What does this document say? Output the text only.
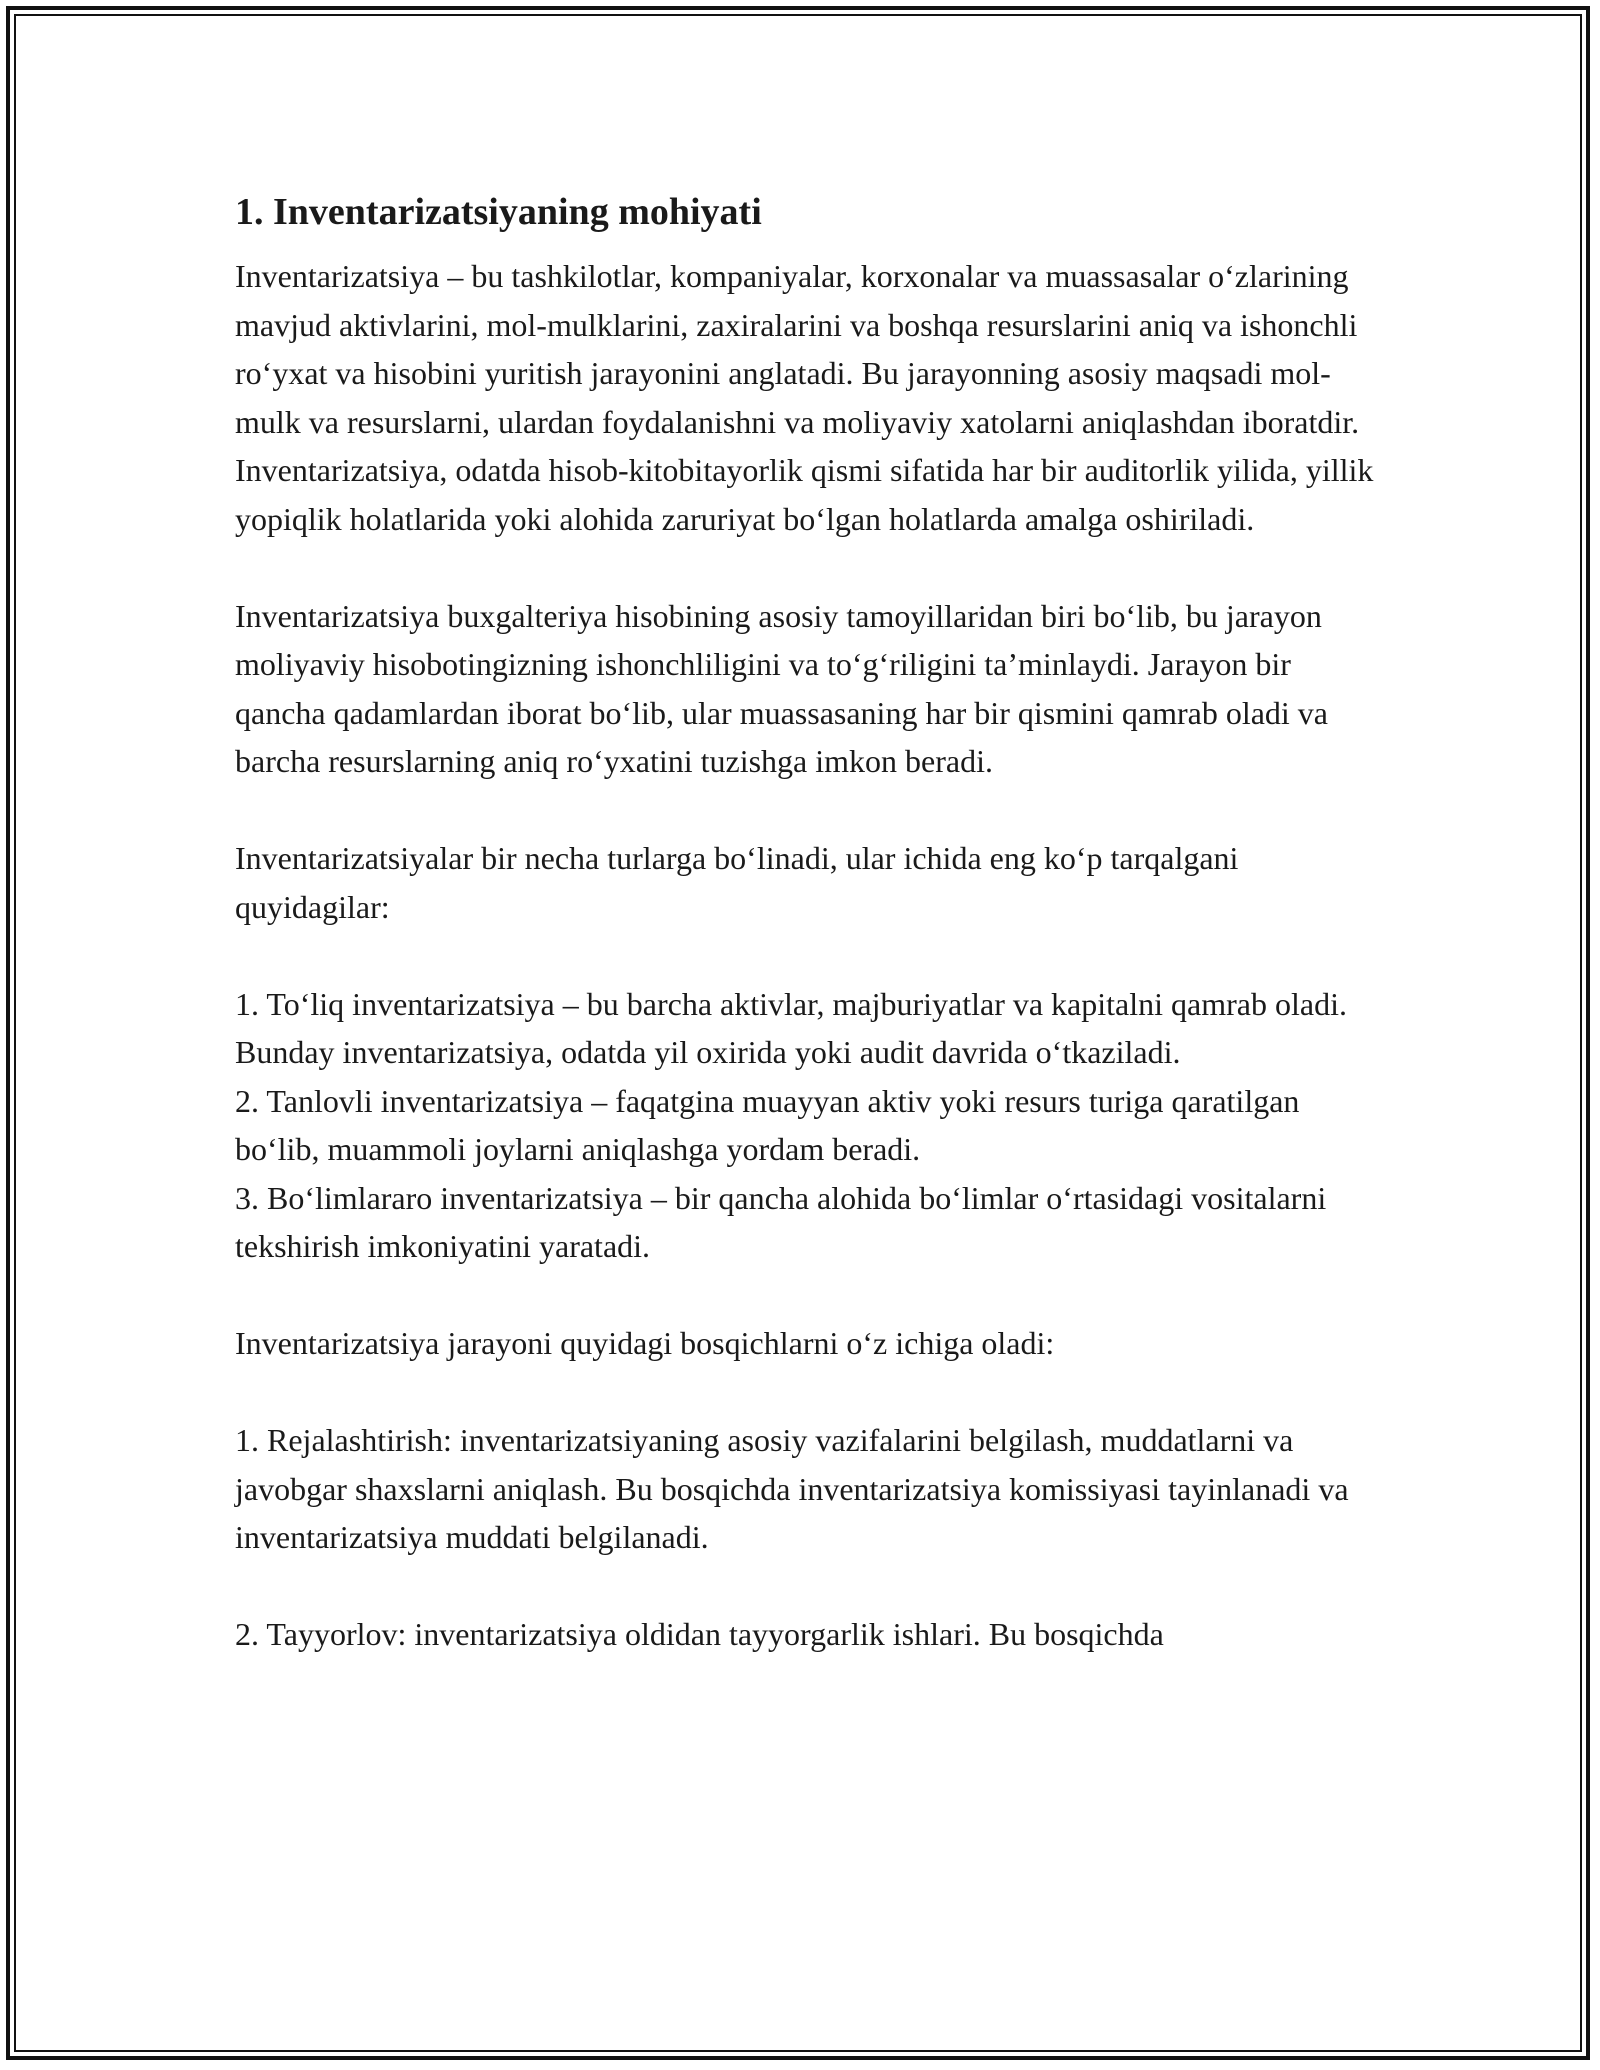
1. Inventarizatsiyaning mohiyati

Inventarizatsiya – bu tashkilotlar, kompaniyalar, korxonalar va muassasalar o‘zlarining mavjud aktivlarini, mol-mulklarini, zaxiralarini va boshqa resurslarini aniq va ishonchli ro‘yxat va hisobini yuritish jarayonini anglatadi. Bu jarayonning asosiy maqsadi mol-mulk va resurslarni, ulardan foydalanishni va moliyaviy xatolarni aniqlashdan iboratdir. Inventarizatsiya, odatda hisob-kitobitayorlik qismi sifatida har bir auditorlik yilida, yillik yopiqlik holatlarida yoki alohida zaruriyat bo‘lgan holatlarda amalga oshiriladi.

Inventarizatsiya buxgalteriya hisobining asosiy tamoyillaridan biri bo‘lib, bu jarayon moliyaviy hisobotingizning ishonchliligini va to‘g‘riligini ta’minlaydi. Jarayon bir qancha qadamlardan iborat bo‘lib, ular muassasaning har bir qismini qamrab oladi va barcha resurslarning aniq ro‘yxatini tuzishga imkon beradi.

Inventarizatsiyalar bir necha turlarga bo‘linadi, ular ichida eng ko‘p tarqalgani quyidagilar:

1. To‘liq inventarizatsiya – bu barcha aktivlar, majburiyatlar va kapitalni qamrab oladi. Bunday inventarizatsiya, odatda yil oxirida yoki audit davrida o‘tkaziladi.

2. Tanlovli inventarizatsiya – faqatgina muayyan aktiv yoki resurs turiga qaratilgan bo‘lib, muammoli joylarni aniqlashga yordam beradi.

3. Bo‘limlararo inventarizatsiya – bir qancha alohida bo‘limlar o‘rtasidagi vositalarni tekshirish imkoniyatini yaratadi.

Inventarizatsiya jarayoni quyidagi bosqichlarni o‘z ichiga oladi:

1. Rejalashtirish: inventarizatsiyaning asosiy vazifalarini belgilash, muddatlarni va javobgar shaxslarni aniqlash. Bu bosqichda inventarizatsiya komissiyasi tayinlanadi va inventarizatsiya muddati belgilanadi.

2. Tayyorlov: inventarizatsiya oldidan tayyorgarlik ishlari. Bu bosqichda
